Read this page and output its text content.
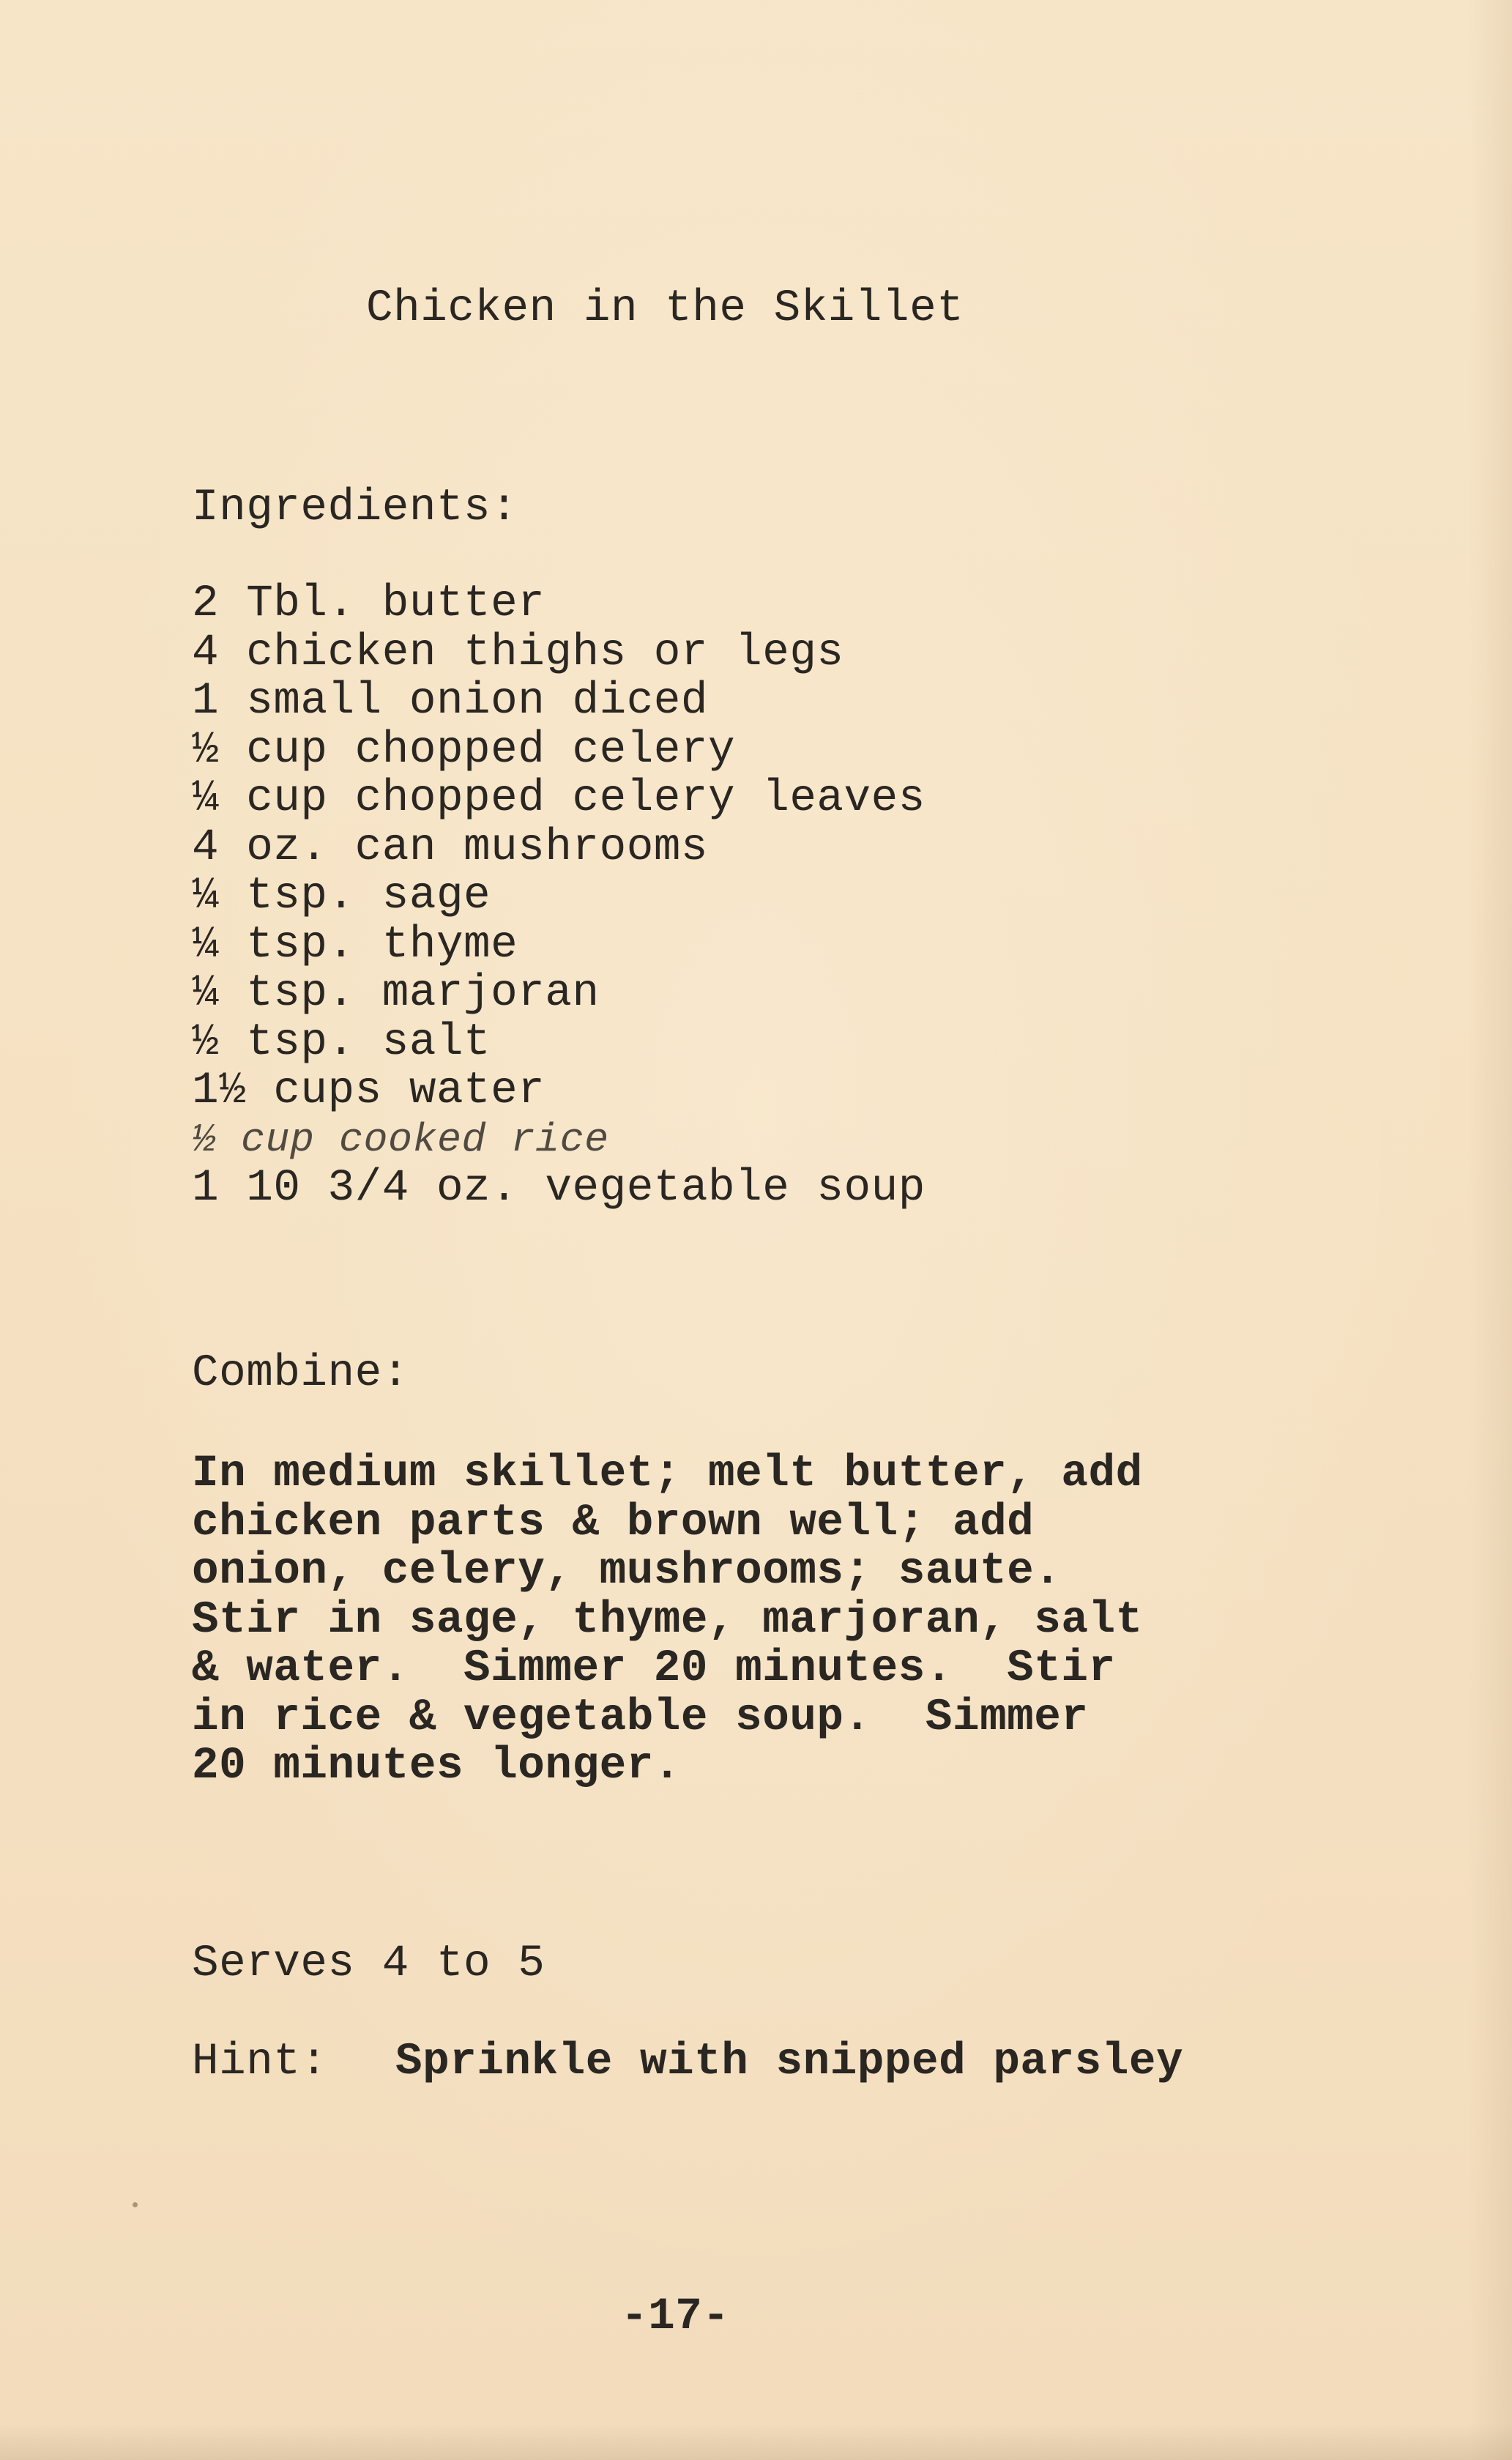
Chicken in the Skillet
Ingredients:
2 Tbl. butter
4 chicken thighs or legs
1 small onion diced
½ cup chopped celery
¼ cup chopped celery leaves
4 oz. can mushrooms
¼ tsp. sage
¼ tsp. thyme
¼ tsp. marjoran
½ tsp. salt
1½ cups water
½ cup cooked rice
1 10 3/4 oz. vegetable soup
Combine:

In medium skillet; melt butter, add

chicken parts & brown well; add

onion, celery, mushrooms; saute.

Stir in sage, thyme, marjoran, salt

& water.  Simmer 20 minutes.  Stir

in rice & vegetable soup.  Simmer

20 minutes longer.

Serves 4 to 5
Hint: Sprinkle with snipped parsley
-17-
